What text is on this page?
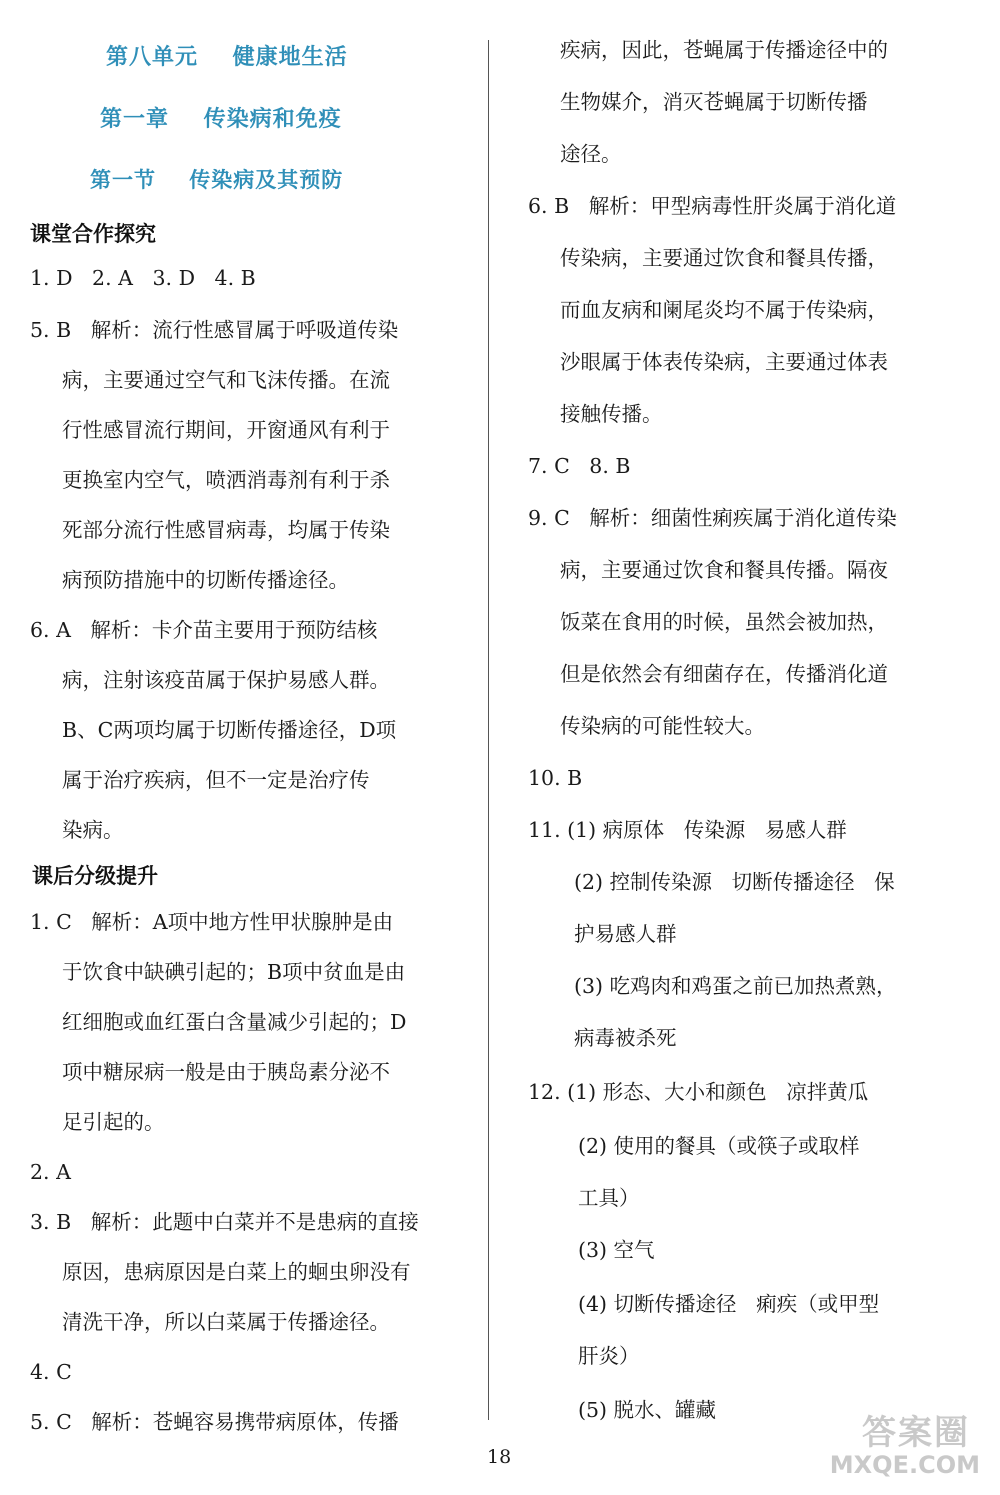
第八单元    健康地生活
第一章    传染病和免疫
第一节    传染病及其预防
课堂合作探究
1. D   2. A   3. D   4. B
5. B   解析：流行性感冒属于呼吸道传染
病，主要通过空气和飞沫传播。在流
行性感冒流行期间，开窗通风有利于
更换室内空气，喷洒消毒剂有利于杀
死部分流行性感冒病毒，均属于传染
病预防措施中的切断传播途径。
6. A   解析：卡介苗主要用于预防结核
病，注射该疫苗属于保护易感人群。
B、C两项均属于切断传播途径，D项
属于治疗疾病，但不一定是治疗传
染病。
课后分级提升
1. C   解析：A项中地方性甲状腺肿是由
于饮食中缺碘引起的；B项中贫血是由
红细胞或血红蛋白含量减少引起的；D
项中糖尿病一般是由于胰岛素分泌不
足引起的。
2. A
3. B   解析：此题中白菜并不是患病的直接
原因，患病原因是白菜上的蛔虫卵没有
清洗干净，所以白菜属于传播途径。
4. C
5. C   解析：苍蝇容易携带病原体，传播
疾病，因此，苍蝇属于传播途径中的
生物媒介，消灭苍蝇属于切断传播
途径。
6. B   解析：甲型病毒性肝炎属于消化道
传染病，主要通过饮食和餐具传播，
而血友病和阑尾炎均不属于传染病，
沙眼属于体表传染病，主要通过体表
接触传播。
7. C   8. B
9. C   解析：细菌性痢疾属于消化道传染
病，主要通过饮食和餐具传播。隔夜
饭菜在食用的时候，虽然会被加热，
但是依然会有细菌存在，传播消化道
传染病的可能性较大。
10. B
11. (1) 病原体   传染源   易感人群
(2) 控制传染源   切断传播途径   保
护易感人群
(3) 吃鸡肉和鸡蛋之前已加热煮熟，
病毒被杀死
12. (1) 形态、大小和颜色   凉拌黄瓜
(2) 使用的餐具（或筷子或取样
工具）
(3) 空气
(4) 切断传播途径   痢疾（或甲型
肝炎）
(5) 脱水、罐藏
18
答案圈
MXQE.COM
